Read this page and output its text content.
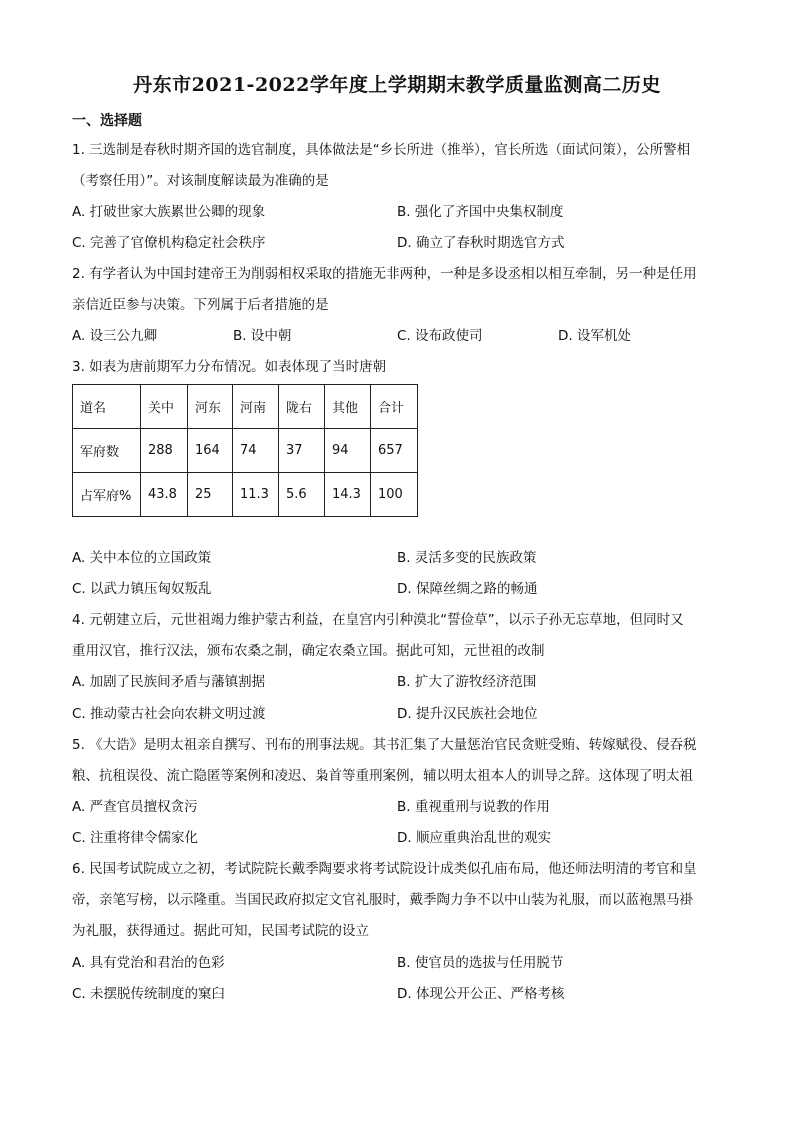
丹东市2021-2022学年度上学期期末教学质量监测高二历史
一、选择题
1. 三选制是春秋时期齐国的选官制度，具体做法是“乡长所进（推举），官长所选（面试问策），公所警相
（考察任用）”。对该制度解读最为准确的是
A. 打破世家大族累世公卿的现象	B. 强化了齐国中央集权制度
C. 完善了官僚机构稳定社会秩序	D. 确立了春秋时期选官方式
2. 有学者认为中国封建帝王为削弱相权采取的措施无非两种，一种是多设丞相以相互牵制，另一种是任用
亲信近臣参与决策。下列属于后者措施的是
A. 设三公九卿	B. 设中朝	C. 设布政使司	D. 设军机处
3. 如表为唐前期军力分布情况。如表体现了当时唐朝
道名	关中	河东	河南	陇右	其他	合计
军府数	288	164	74	37	94	657
占军府%	43.8	25	11.3	5.6	14.3	100
A. 关中本位的立国政策	B. 灵活多变的民族政策
C. 以武力镇压匈奴叛乱	D. 保障丝绸之路的畅通
4. 元朝建立后，元世祖竭力维护蒙古利益，在皇宫内引种漠北“誓俭草”，以示子孙无忘草地，但同时又
重用汉官，推行汉法，颁布农桑之制，确定农桑立国。据此可知，元世祖的改制
A. 加剧了民族间矛盾与藩镇割据	B. 扩大了游牧经济范围
C. 推动蒙古社会向农耕文明过渡	D. 提升汉民族社会地位
5. 《大诰》是明太祖亲自撰写、刊布的刑事法规。其书汇集了大量惩治官民贪赃受贿、转嫁赋役、侵吞税
粮、抗租误役、流亡隐匿等案例和凌迟、枭首等重刑案例，辅以明太祖本人的训导之辞。这体现了明太祖
A. 严查官员擅权贪污	B. 重视重刑与说教的作用
C. 注重将律令儒家化	D. 顺应重典治乱世的观实
6. 民国考试院成立之初，考试院院长戴季陶要求将考试院设计成类似孔庙布局，他还师法明清的考官和皇
帝，亲笔写榜，以示隆重。当国民政府拟定文官礼服时，戴季陶力争不以中山装为礼服，而以蓝袍黑马褂
为礼服，获得通过。据此可知，民国考试院的设立
A. 具有党治和君治的色彩	B. 使官员的选拔与任用脱节
C. 未摆脱传统制度的窠臼	D. 体现公开公正、严格考核
